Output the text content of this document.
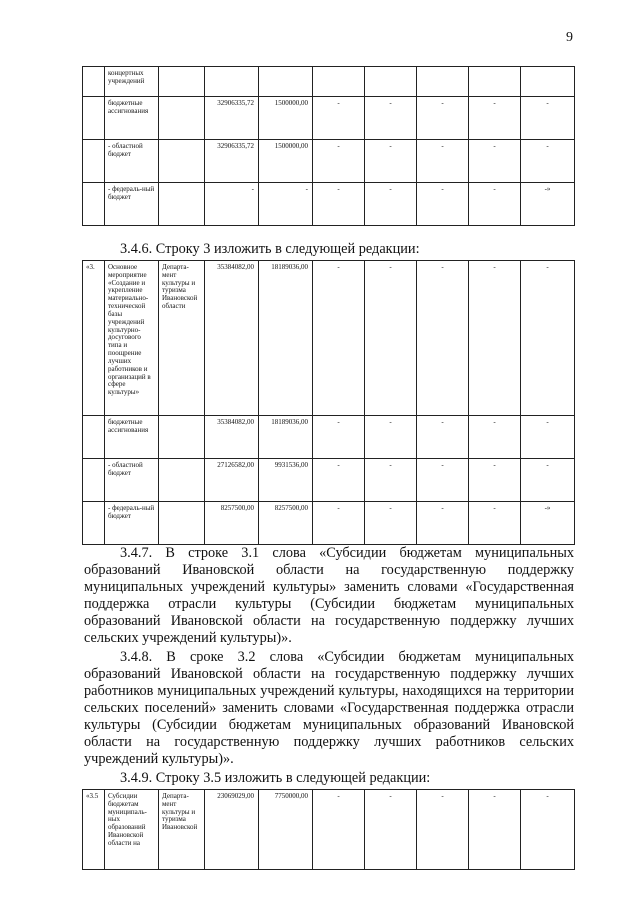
9
	концертных учреждений								
	бюджетные ассигнования		32906335,72	1500000,00	-	-	-	-	-
	- областной бюджет		32906335,72	1500000,00	-	-	-	-	-
	- федераль-ный бюджет		-	-	-	-	-	-	-»
3.4.6. Строку 3 изложить в следующей редакции:
«3.	Основное мероприятие «Создание и укрепление материально-технической базы учреждений культурно-досугового типа и поощрение лучших работников и организаций в сфере культуры»	Департа-мент культуры и туризма Ивановской области	35384082,00	18189036,00	-	-	-	-	-
	бюджетные ассигнования		35384082,00	18189036,00	-	-	-	-	-
	- областной бюджет		27126582,00	9931536,00	-	-	-	-	-
	- федераль-ный бюджет		8257500,00	8257500,00	-	-	-	-	-»

3.4.7. В строке 3.1 слова «Субсидии бюджетам муниципальных образований Ивановской области на государственную поддержку муниципальных учреждений культуры» заменить словами «Государственная поддержка отрасли культуры (Субсидии бюджетам муниципальных образований Ивановской области на государственную поддержку лучших сельских учреждений культуры)».

3.4.8. В сроке 3.2 слова «Субсидии бюджетам муниципальных образований Ивановской области на государственную поддержку лучших работников муниципальных учреждений культуры, находящихся на территории сельских поселений» заменить словами «Государственная поддержка отрасли культуры (Субсидии бюджетам муниципальных образований Ивановской области на государственную поддержку лучших работников сельских учреждений культуры)».

3.4.9. Строку 3.5 изложить в следующей редакции:
«3.5	Субсидии бюджетам муниципаль-ных образований Ивановской области на	Департа-мент культуры и туризма Ивановской	23069029,00	7750000,00	-	-	-	-	-
